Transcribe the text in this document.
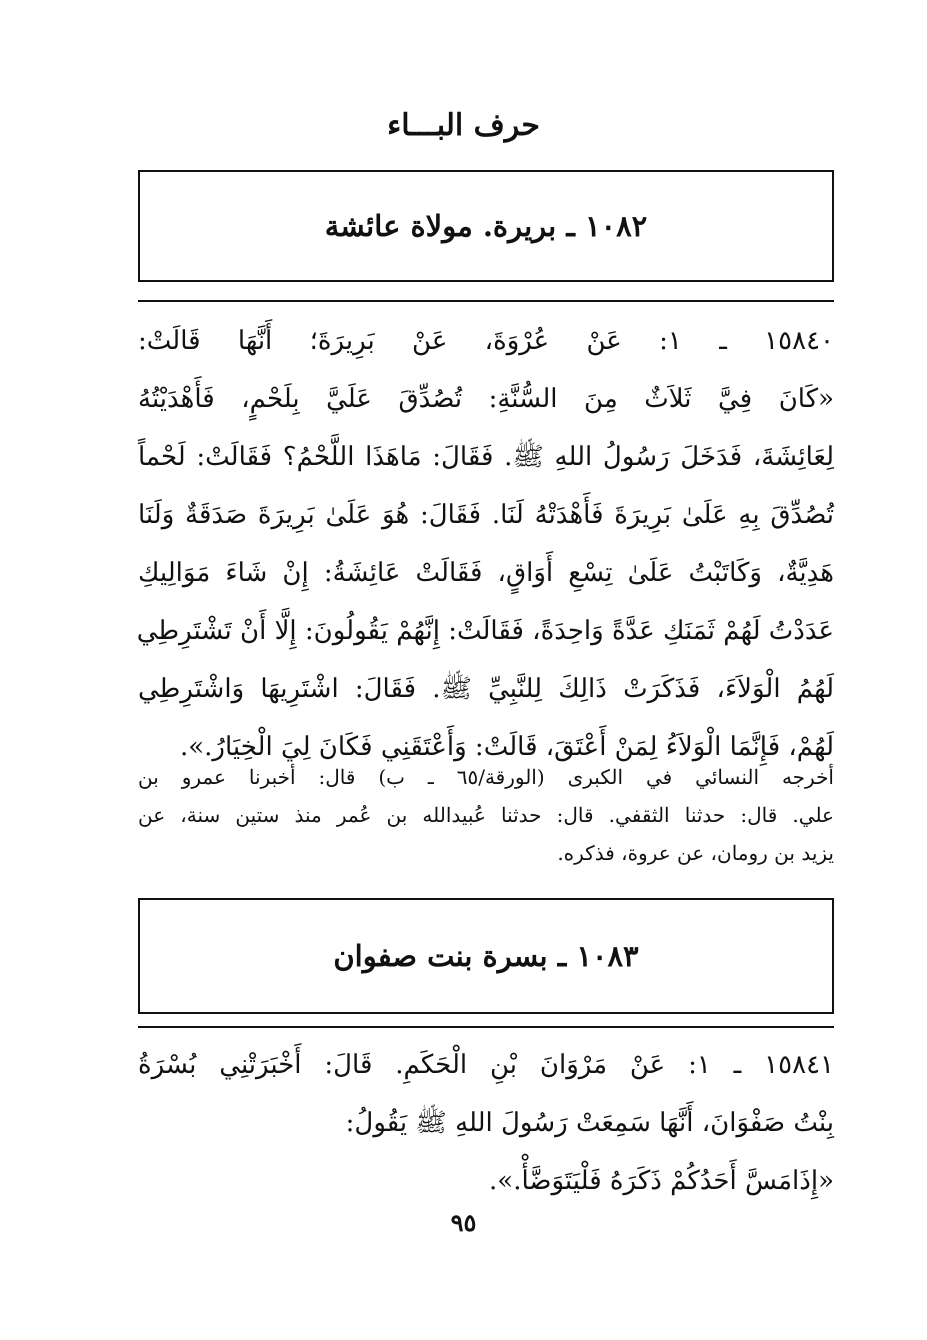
حرف البـــاء
١٠٨٢ ـ بريرة. مولاة عائشة
١٥٨٤٠ ـ ١: عَنْ عُرْوَةَ، عَنْ بَرِيرَةَ؛ أَنَّهَا قَالَتْ:
«كَانَ فِيَّ ثَلاَثٌ مِنَ السُّنَّةِ: تُصُدِّقَ عَلَيَّ بِلَحْمٍ، فَأَهْدَيْتُهُ
لِعَائِشَةَ، فَدَخَلَ رَسُولُ اللهِ ﷺ. فَقَالَ: مَاهَذَا اللَّحْمُ؟ فَقَالَتْ: لَحْماً
تُصُدِّقَ بِهِ عَلَىٰ بَرِيرَةَ فَأَهْدَتْهُ لَنَا. فَقَالَ: هُوَ عَلَىٰ بَرِيرَةَ صَدَقَةٌ وَلَنَا
هَدِيَّةٌ، وَكَاتَبْتُ عَلَىٰ تِسْعِ أَوَاقٍ، فَقَالَتْ عَائِشَةُ: إِنْ شَاءَ مَوَالِيكِ
عَدَدْتُ لَهُمْ ثَمَنَكِ عَدَّةً وَاحِدَةً، فَقَالَتْ: إِنَّهُمْ يَقُولُونَ: إِلَّا أَنْ تَشْتَرِطِي
لَهُمُ الْوَلاَءَ، فَذَكَرَتْ ذَالِكَ لِلنَّبِيِّ ﷺ. فَقَالَ: اشْتَرِيهَا وَاشْتَرِطِي
لَهُمْ، فَإِنَّمَا الْوَلاَءُ لِمَنْ أَعْتَقَ، قَالَتْ: وَأَعْتَقَنِي فَكَانَ لِيَ الْخِيَارُ.».
أخرجه النسائي في الكبرى (الورقة/٦٥ ـ ب) قال: أخبرنا عمرو بن
علي. قال: حدثنا الثقفي. قال: حدثنا عُبيدالله بن عُمر منذ ستين سنة، عن
يزيد بن رومان، عن عروة، فذكره.
١٠٨٣ ـ بسرة بنت صفوان
١٥٨٤١ ـ ١: عَنْ مَرْوَانَ بْنِ الْحَكَمِ. قَالَ: أَخْبَرَتْنِي بُسْرَةُ
بِنْتُ صَفْوَانَ، أَنَّهَا سَمِعَتْ رَسُولَ اللهِ ﷺ يَقُولُ:
«إِذَامَسَّ أَحَدُكُمْ ذَكَرَهُ فَلْيَتَوَضَّأْ.».
٩٥
